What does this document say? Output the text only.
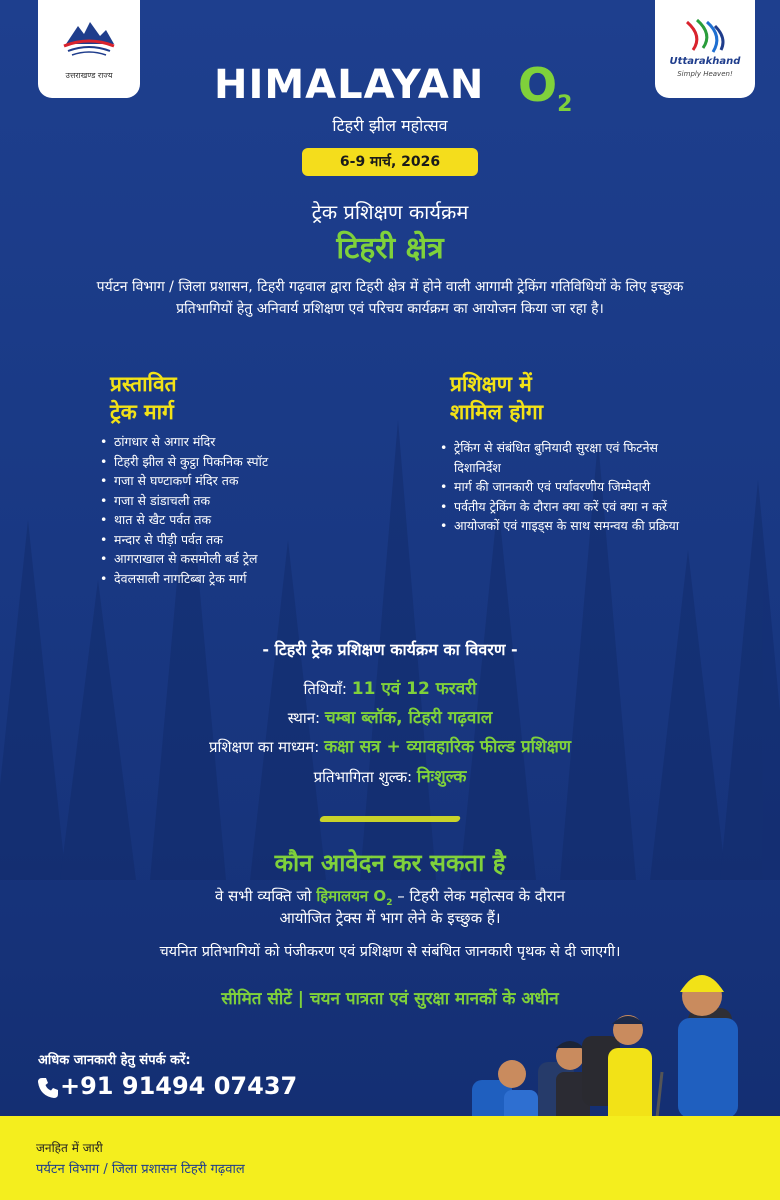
उत्तराखण्ड राज्य
Uttarakhand
Simply Heaven!
HIMALAYAN $O_2$
टिहरी झील महोत्सव
6-9 मार्च, 2026
ट्रेक प्रशिक्षण कार्यक्रम
टिहरी क्षेत्र
पर्यटन विभाग / जिला प्रशासन, टिहरी गढ़वाल द्वारा टिहरी क्षेत्र में होने वाली आगामी ट्रेकिंग गतिविधियों के लिए इच्छुक प्रतिभागियों हेतु अनिवार्य प्रशिक्षण एवं परिचय कार्यक्रम का आयोजन किया जा रहा है।
प्रस्तावित
ट्रेक मार्ग
• ठांगधार से अगार मंदिर
• टिहरी झील से कुट्ठा पिकनिक स्पॉट
• गजा से घण्टाकर्ण मंदिर तक
• गजा से डांडाचली तक
• थात से खैट पर्वत तक
• मन्दार से पीड़ी पर्वत तक
• आगराखाल से कसमोली बर्ड ट्रेल
• देवलसाली नागटिब्बा ट्रेक मार्ग
प्रशिक्षण में
शामिल होगा
• ट्रेकिंग से संबंधित बुनियादी सुरक्षा एवं फिटनेस दिशानिर्देश
• मार्ग की जानकारी एवं पर्यावरणीय जिम्मेदारी
• पर्वतीय ट्रेकिंग के दौरान क्या करें एवं क्या न करें
• आयोजकों एवं गाइड्स के साथ समन्वय की प्रक्रिया
- टिहरी ट्रेक प्रशिक्षण कार्यक्रम का विवरण -
तिथियाँ: 11 एवं 12 फरवरी
स्थान: चम्बा ब्लॉक, टिहरी गढ़वाल
प्रशिक्षण का माध्यम: कक्षा सत्र + व्यावहारिक फील्ड प्रशिक्षण
प्रतिभागिता शुल्क: निःशुल्क
कौन आवेदन कर सकता है
वे सभी व्यक्ति जो हिमालयन $O_2$ – टिहरी लेक महोत्सव के दौरान
आयोजित ट्रेक्स में भाग लेने के इच्छुक हैं।
चयनित प्रतिभागियों को पंजीकरण एवं प्रशिक्षण से संबंधित जानकारी पृथक से दी जाएगी।
सीमित सीटें | चयन पात्रता एवं सुरक्षा मानकों के अधीन
अधिक जानकारी हेतु संपर्क करें:
+91 91494 07437
जनहित में जारी
पर्यटन विभाग / जिला प्रशासन टिहरी गढ़वाल
